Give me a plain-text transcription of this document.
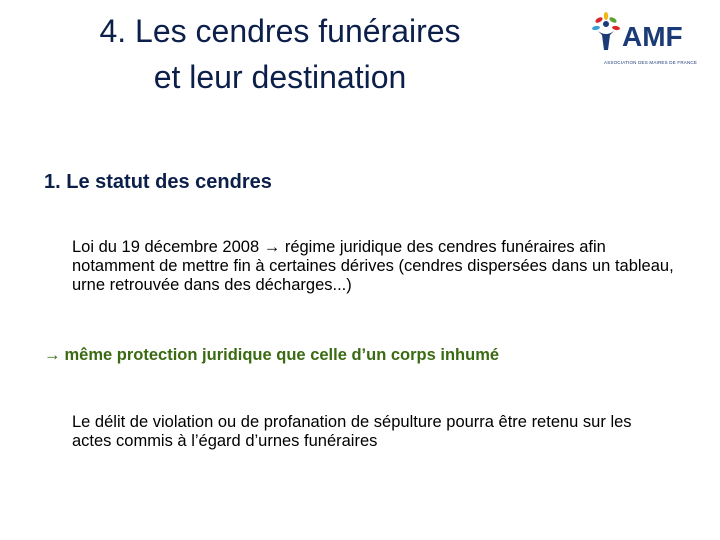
4. Les cendres funéraires
et leur destination
AMF
ASSOCIATION DES MAIRES DE FRANCE
1. Le statut des cendres

Loi du 19 décembre 2008 → régime juridique des cendres funéraires afin notamment de mettre fin à certaines dérives (cendres dispersées dans un tableau, urne retrouvée dans des décharges...)

→ même protection juridique que celle d’un corps inhumé

Le délit de violation ou de profanation de sépulture pourra être retenu sur les actes commis à l’égard d’urnes funéraires
